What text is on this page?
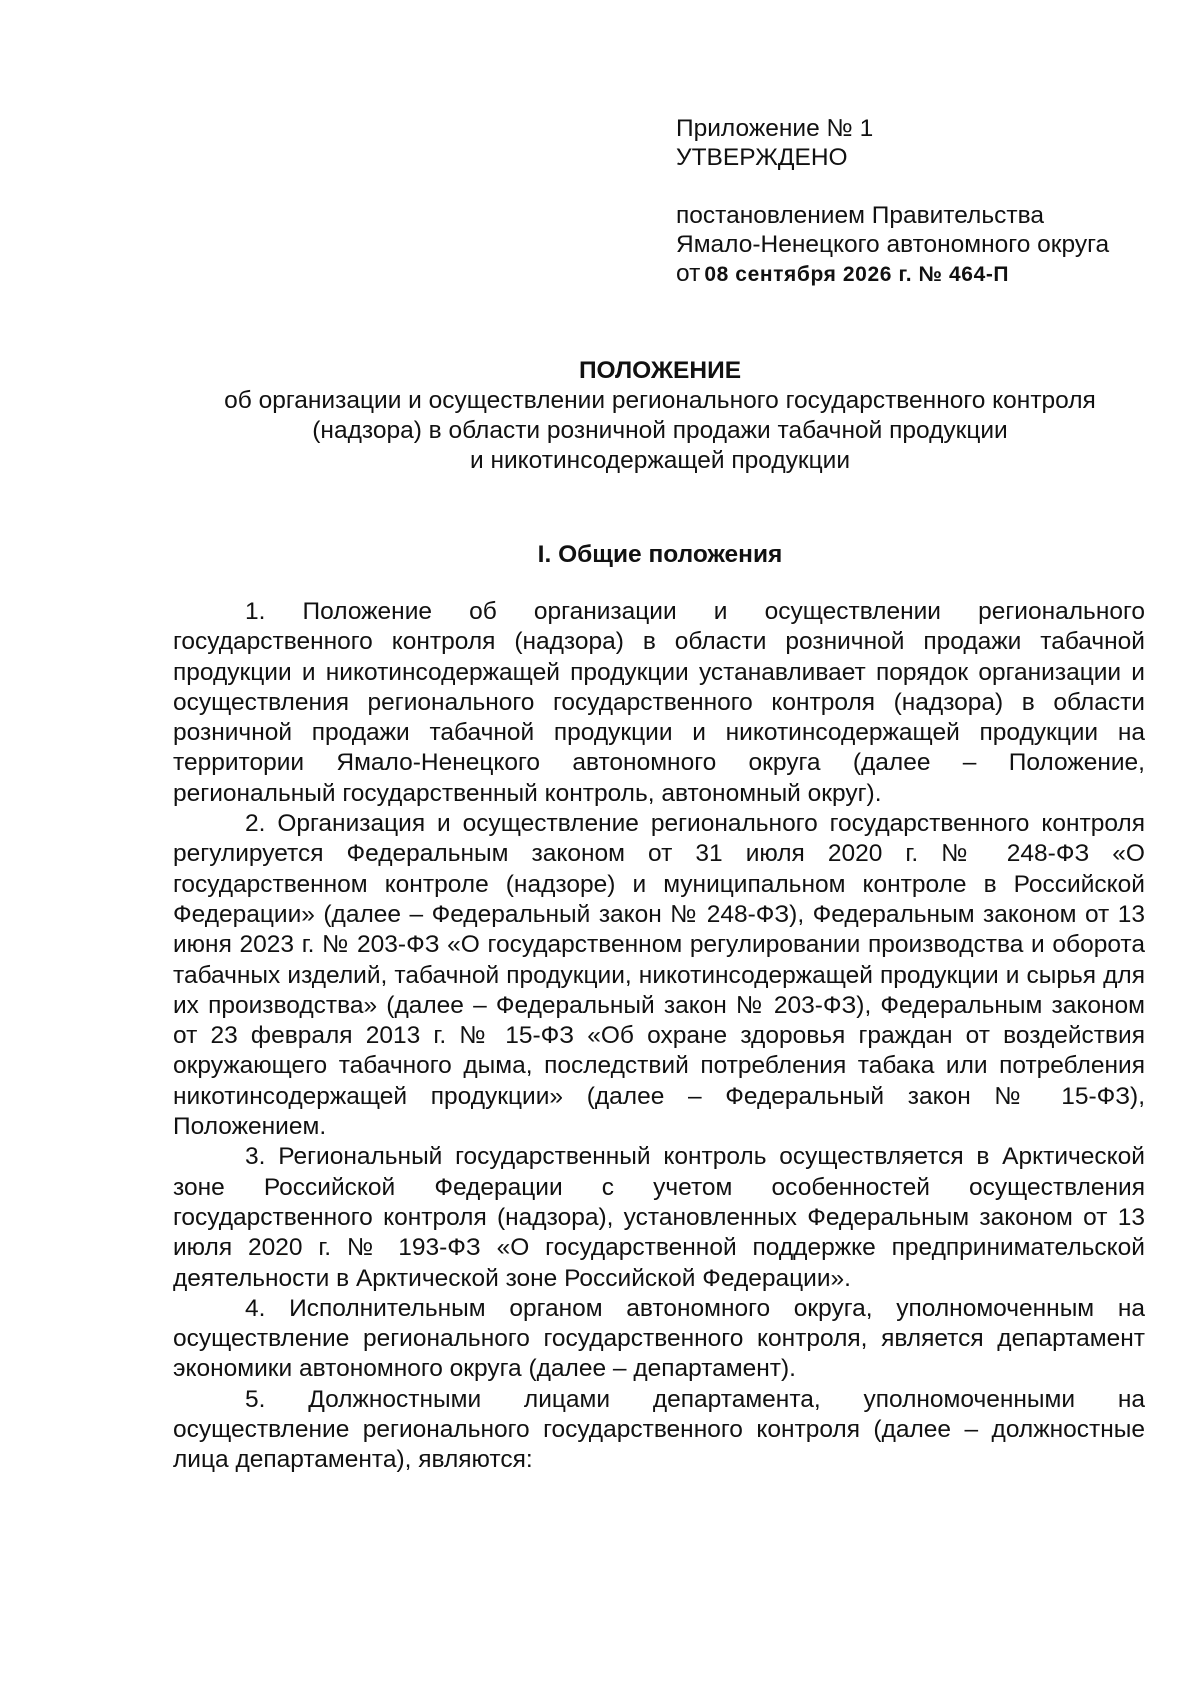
Приложение № 1
УТВЕРЖДЕНО
постановлением Правительства
Ямало-Ненецкого автономного округа
от 08 сентября 2026 г. № 464-П
ПОЛОЖЕНИЕ
об организации и осуществлении регионального государственного контроля
(надзора) в области розничной продажи табачной продукции
и никотинсодержащей продукции
I. Общие положения

1. Положение об организации и осуществлении регионального государственного контроля (надзора) в области розничной продажи табачной продукции и никотинсодержащей продукции устанавливает порядок организации и осуществления регионального государственного контроля (надзора) в области розничной продажи табачной продукции и никотинсодержащей продукции на территории Ямало-Ненецкого автономного округа (далее – Положение, региональный государственный контроль, автономный округ).

2. Организация и осуществление регионального государственного контроля регулируется Федеральным законом от 31 июля 2020 г. № 248-ФЗ «О государственном контроле (надзоре) и муниципальном контроле в Российской Федерации» (далее – Федеральный закон № 248-ФЗ), Федеральным законом от 13 июня 2023 г. № 203-ФЗ «О государственном регулировании производства и оборота табачных изделий, табачной продукции, никотинсодержащей продукции и сырья для их производства» (далее – Федеральный закон № 203-ФЗ), Федеральным законом от 23 февраля 2013 г. № 15-ФЗ «Об охране здоровья граждан от воздействия окружающего табачного дыма, последствий потребления табака или потребления никотинсодержащей продукции» (далее – Федеральный закон № 15-ФЗ), Положением.

3. Региональный государственный контроль осуществляется в Арктической зоне Российской Федерации с учетом особенностей осуществления государственного контроля (надзора), установленных Федеральным законом от 13 июля 2020 г. № 193-ФЗ «О государственной поддержке предпринимательской деятельности в Арктической зоне Российской Федерации».

4. Исполнительным органом автономного округа, уполномоченным на осуществление регионального государственного контроля, является департамент экономики автономного округа (далее – департамент).

5. Должностными лицами департамента, уполномоченными на осуществление регионального государственного контроля (далее – должностные лица департамента), являются:
